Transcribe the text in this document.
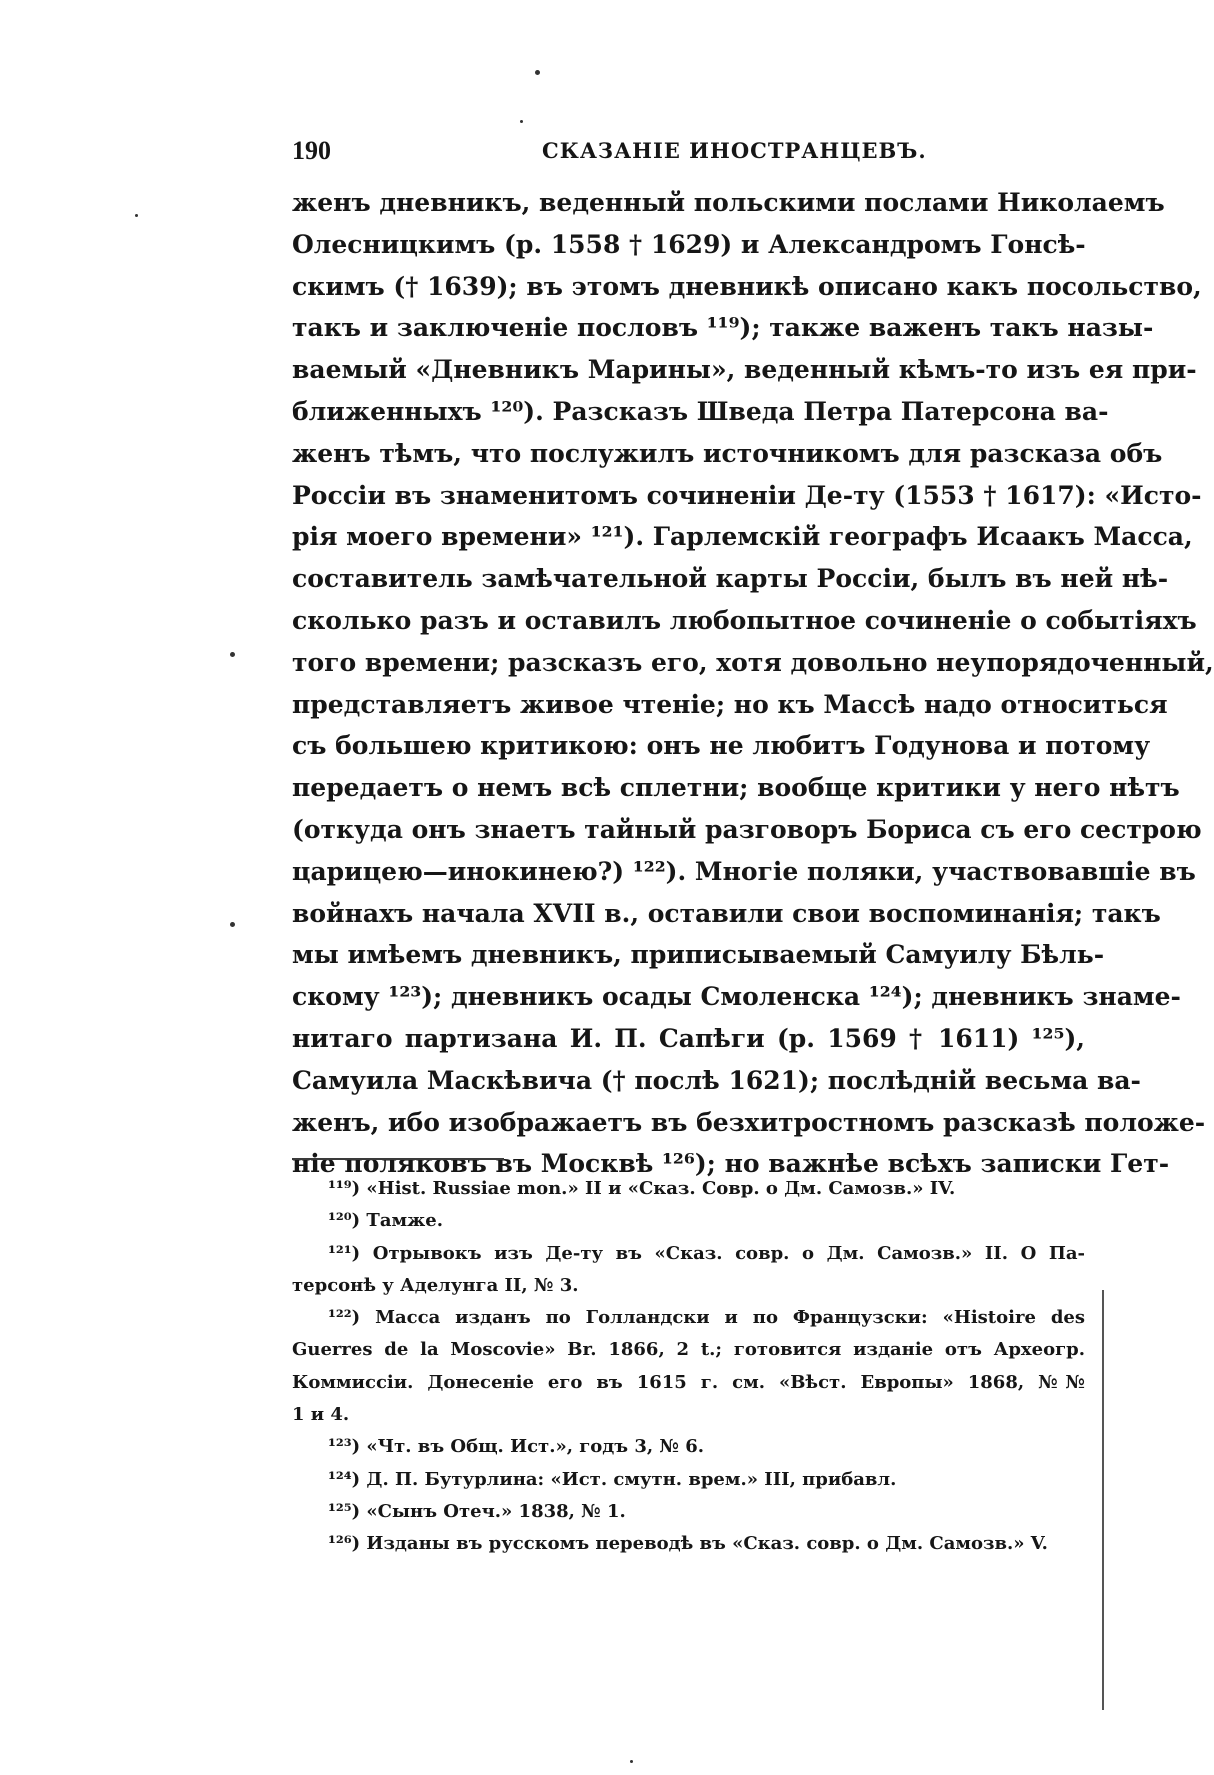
190	СКАЗАНІЕ ИНОСТРАНЦЕВЪ.
женъ дневникъ, веденный польскими послами Николаемъ
Олесницкимъ (р. 1558 † 1629) и Александромъ Гонсѣ-
скимъ († 1639); въ этомъ дневникѣ описано какъ посольство,
такъ и заключеніе пословъ ¹¹⁹); также важенъ такъ назы-
ваемый «Дневникъ Марины», веденный кѣмъ-то изъ ея при-
ближенныхъ ¹²⁰). Разсказъ Шведа Петра Патерсона ва-
женъ тѣмъ, что послужилъ источникомъ для разсказа объ
Россіи въ знаменитомъ сочиненіи Де-ту (1553 † 1617): «Исто-
рія моего времени» ¹²¹). Гарлемскій географъ Исаакъ Масса,
составитель замѣчательной карты Россіи, былъ въ ней нѣ-
сколько разъ и оставилъ любопытное сочиненіе о событіяхъ
того времени; разсказъ его, хотя довольно неупорядоченный,
представляетъ живое чтеніе; но къ Массѣ надо относиться
съ большею критикою: онъ не любитъ Годунова и потому
передаетъ о немъ всѣ сплетни; вообще критики у него нѣтъ
(откуда онъ знаетъ тайный разговоръ Бориса съ его сестрою
царицею—инокинею?) ¹²²). Многіе поляки, участвовавшіе въ
войнахъ начала XVII в., оставили свои воспоминанія; такъ
мы имѣемъ дневникъ, приписываемый Самуилу Бѣль-
скому ¹²³); дневникъ осады Смоленска ¹²⁴); дневникъ знаме-
нитаго партизана И. П. Сапѣги (р. 1569 † 1611) ¹²⁵),
Самуила Маскѣвича († послѣ 1621); послѣдній весьма ва-
женъ, ибо изображаетъ въ безхитростномъ разсказѣ положе-
ніе поляковъ въ Москвѣ ¹²⁶); но важнѣе всѣхъ записки Гет-
¹¹⁹) «Hist. Russiae mon.» II и «Сказ. Совр. о Дм. Самозв.» IV.
¹²⁰) Тамже.
¹²¹) Отрывокъ изъ Де-ту въ «Сказ. совр. о Дм. Самозв.» II. О Па-
терсонѣ у Аделунга II, № 3.
¹²²) Масса изданъ по Голландски и по Французски: «Histoire des
Guerres de la Moscovie» Br. 1866, 2 t.; готовится изданіе отъ Археогр.
Коммиссіи. Донесеніе его въ 1615 г. см. «Вѣст. Европы» 1868, №№
1 и 4.
¹²³) «Чт. въ Общ. Ист.», годъ 3, № 6.
¹²⁴) Д. П. Бутурлина: «Ист. смутн. врем.» III, прибавл.
¹²⁵) «Сынъ Отеч.» 1838, № 1.
¹²⁶) Изданы въ русскомъ переводѣ въ «Сказ. совр. о Дм. Самозв.» V.
